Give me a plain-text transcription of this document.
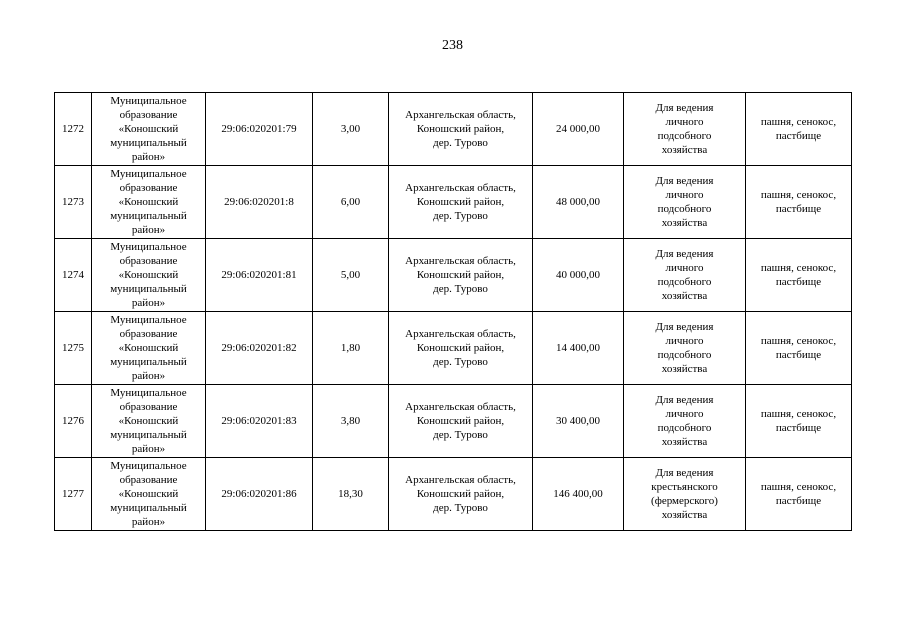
238
1272	Муниципальное
образование
«Коношский
муниципальный
район»	29:06:020201:79	3,00	Архангельская область,
Коношский район,
дер. Турово	24 000,00	Для ведения
личного
подсобного
хозяйства	пашня, сенокос,
пастбище
1273	Муниципальное
образование
«Коношский
муниципальный
район»	29:06:020201:8	6,00	Архангельская область,
Коношский район,
дер. Турово	48 000,00	Для ведения
личного
подсобного
хозяйства	пашня, сенокос,
пастбище
1274	Муниципальное
образование
«Коношский
муниципальный
район»	29:06:020201:81	5,00	Архангельская область,
Коношский район,
дер. Турово	40 000,00	Для ведения
личного
подсобного
хозяйства	пашня, сенокос,
пастбище
1275	Муниципальное
образование
«Коношский
муниципальный
район»	29:06:020201:82	1,80	Архангельская область,
Коношский район,
дер. Турово	14 400,00	Для ведения
личного
подсобного
хозяйства	пашня, сенокос,
пастбище
1276	Муниципальное
образование
«Коношский
муниципальный
район»	29:06:020201:83	3,80	Архангельская область,
Коношский район,
дер. Турово	30 400,00	Для ведения
личного
подсобного
хозяйства	пашня, сенокос,
пастбище
1277	Муниципальное
образование
«Коношский
муниципальный
район»	29:06:020201:86	18,30	Архангельская область,
Коношский район,
дер. Турово	146 400,00	Для ведения
крестьянского
(фермерского)
хозяйства	пашня, сенокос,
пастбище
